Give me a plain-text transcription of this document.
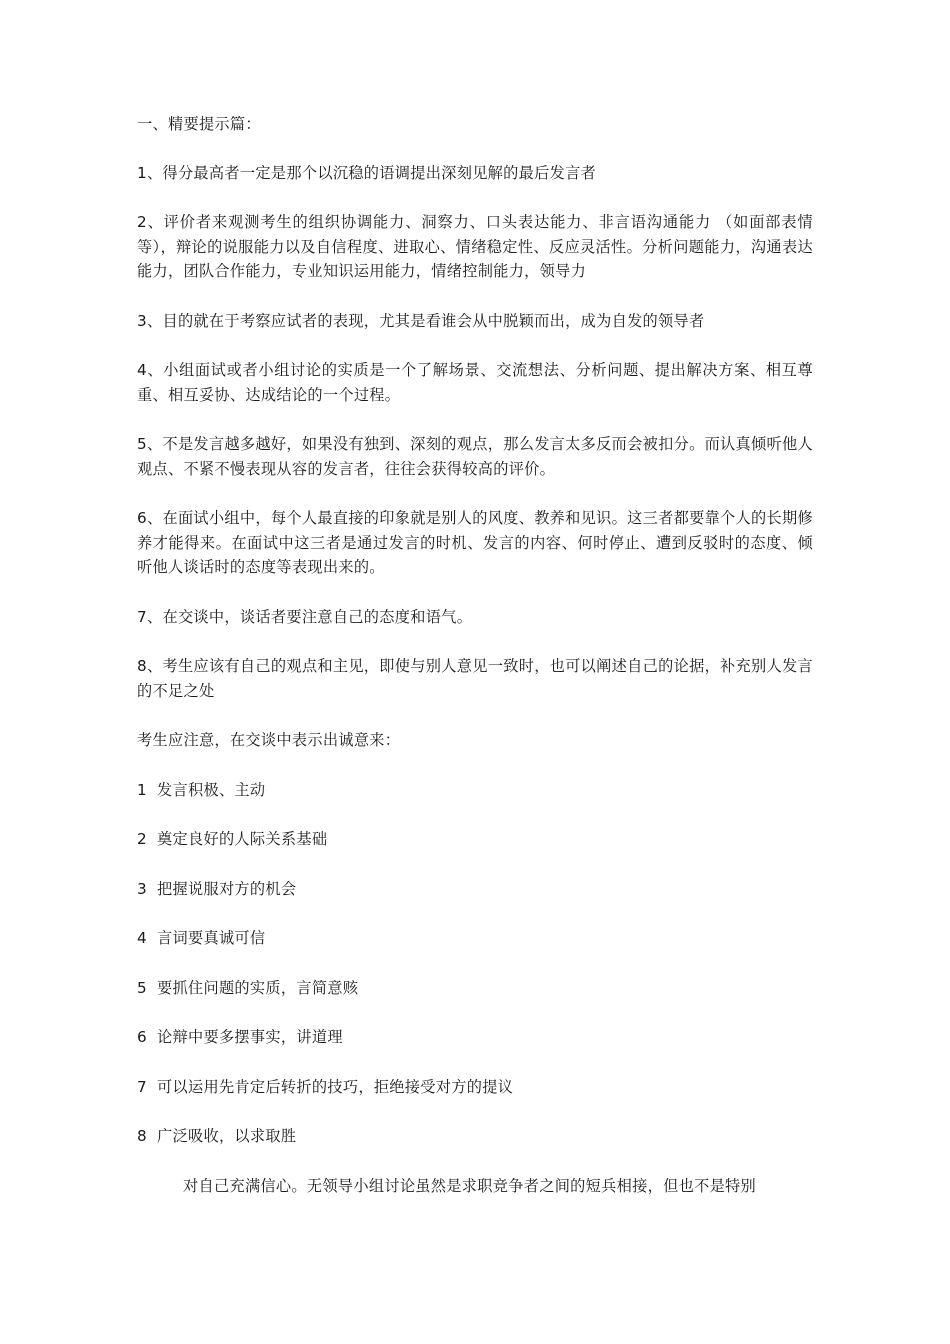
一、精要提示篇：

1、得分最高者一定是那个以沉稳的语调提出深刻见解的最后发言者

2、评价者来观测考生的组织协调能力、洞察力、口头表达能力、非言语沟通能力 （如面部表情等），辩论的说服能力以及自信程度、进取心、情绪稳定性、反应灵活性。分析问题能力，沟通表达能力，团队合作能力，专业知识运用能力，情绪控制能力，领导力

3、目的就在于考察应试者的表现，尤其是看谁会从中脱颖而出，成为自发的领导者

4、小组面试或者小组讨论的实质是一个了解场景、交流想法、分析问题、提出解决方案、相互尊重、相互妥协、达成结论的一个过程。

5、不是发言越多越好，如果没有独到、深刻的观点，那么发言太多反而会被扣分。而认真倾听他人观点、不紧不慢表现从容的发言者，往往会获得较高的评价。

6、在面试小组中，每个人最直接的印象就是别人的风度、教养和见识。这三者都要靠个人的长期修养才能得来。在面试中这三者是通过发言的时机、发言的内容、何时停止、遭到反驳时的态度、倾听他人谈话时的态度等表现出来的。

7、在交谈中，谈话者要注意自己的态度和语气。

8、考生应该有自己的观点和主见，即使与别人意见一致时，也可以阐述自己的论据，补充别人发言的不足之处

考生应注意，在交谈中表示出诚意来：

1 发言积极、主动
2 奠定良好的人际关系基础
3 把握说服对方的机会
4 言词要真诚可信
5 要抓住问题的实质，言简意赅
6 论辩中要多摆事实，讲道理
7 可以运用先肯定后转折的技巧，拒绝接受对方的提议
8 广泛吸收，以求取胜

对自己充满信心。无领导小组讨论虽然是求职竞争者之间的短兵相接，但也不是特别
